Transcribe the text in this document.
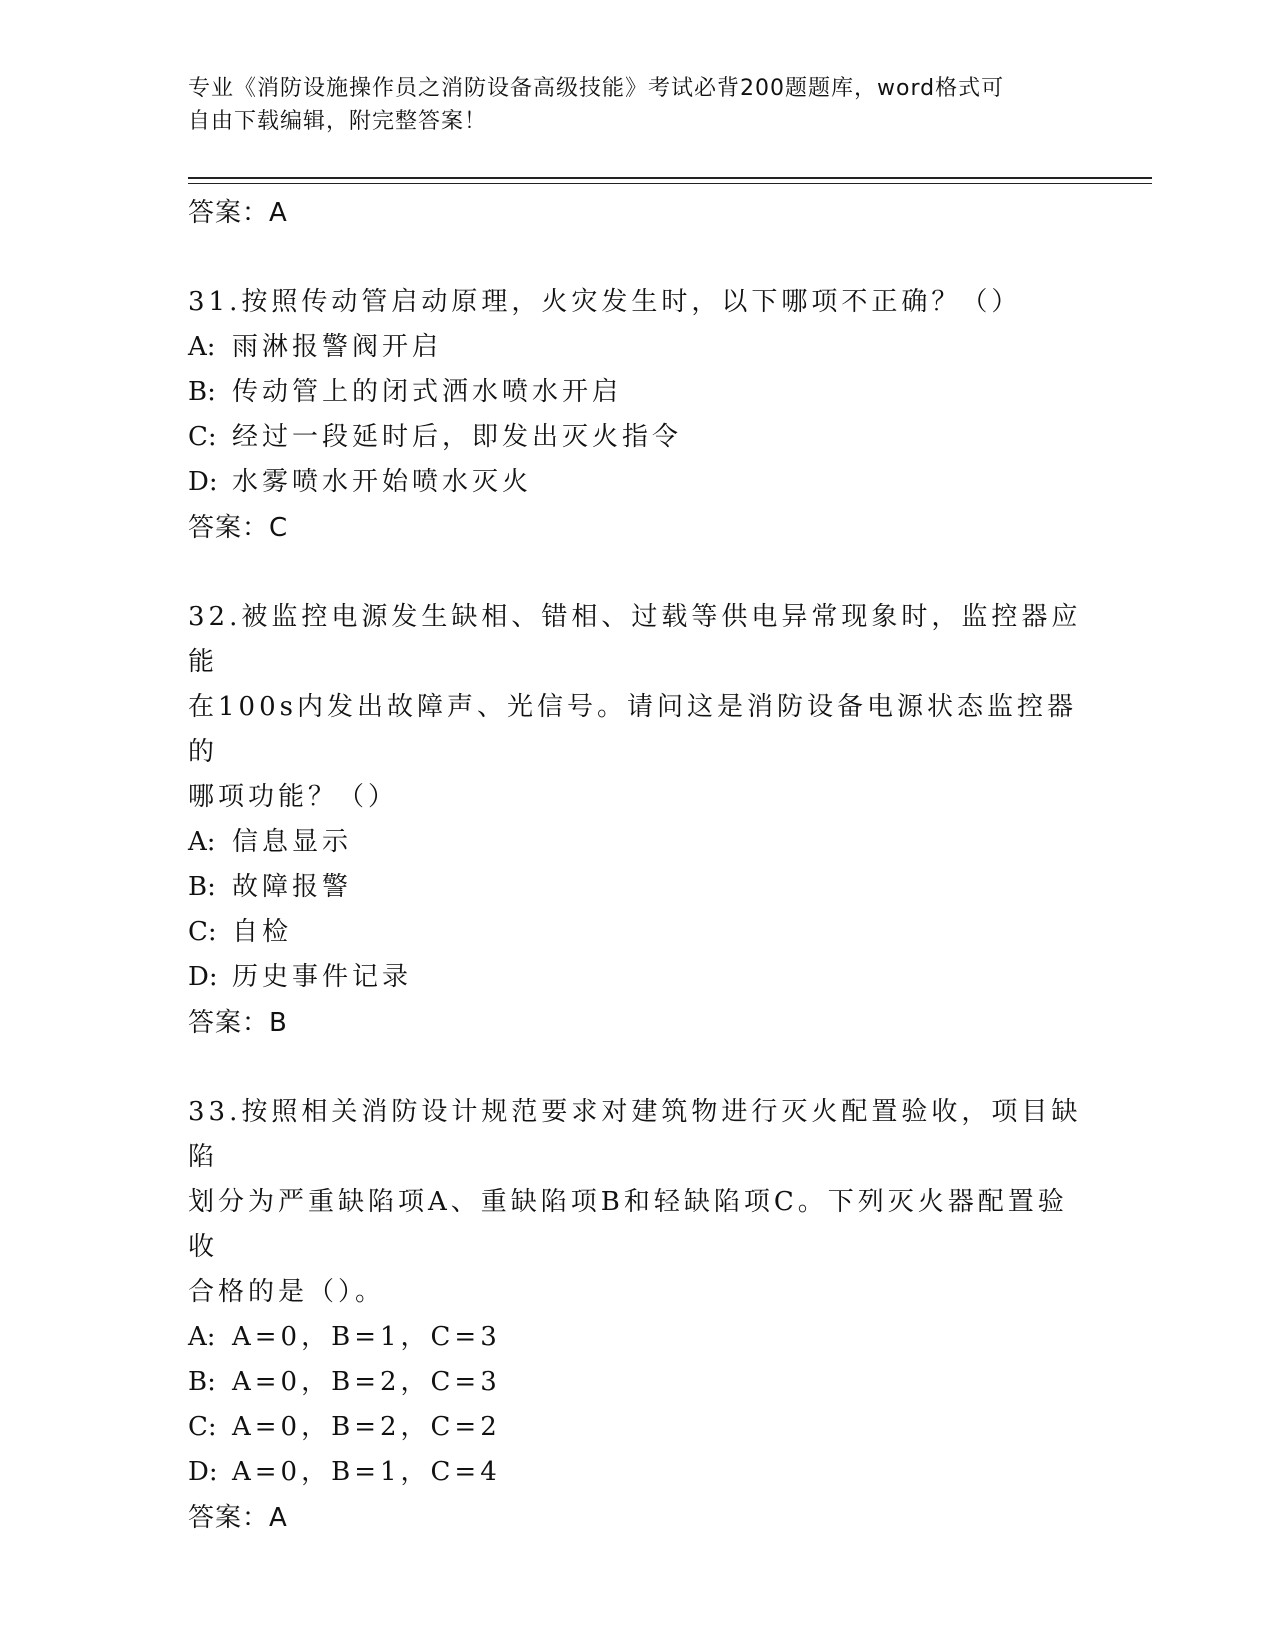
专业《消防设施操作员之消防设备高级技能》考试必背200题题库，word格式可
自由下载编辑，附完整答案！
答案：A
31.按照传动管启动原理，火灾发生时，以下哪项不正确？（）
A: 雨淋报警阀开启
B: 传动管上的闭式洒水喷水开启
C: 经过一段延时后，即发出灭火指令
D: 水雾喷水开始喷水灭火
答案：C
32.被监控电源发生缺相、错相、过载等供电异常现象时，监控器应能
在100s内发出故障声、光信号。请问这是消防设备电源状态监控器的
哪项功能？（）
A: 信息显示
B: 故障报警
C: 自检
D: 历史事件记录
答案：B
33.按照相关消防设计规范要求对建筑物进行灭火配置验收，项目缺陷
划分为严重缺陷项A、重缺陷项B和轻缺陷项C。下列灭火器配置验收
合格的是（）。
A: A=0，B=1，C=3
B: A=0，B=2，C=3
C: A=0，B=2，C=2
D: A=0，B=1，C=4
答案：A
